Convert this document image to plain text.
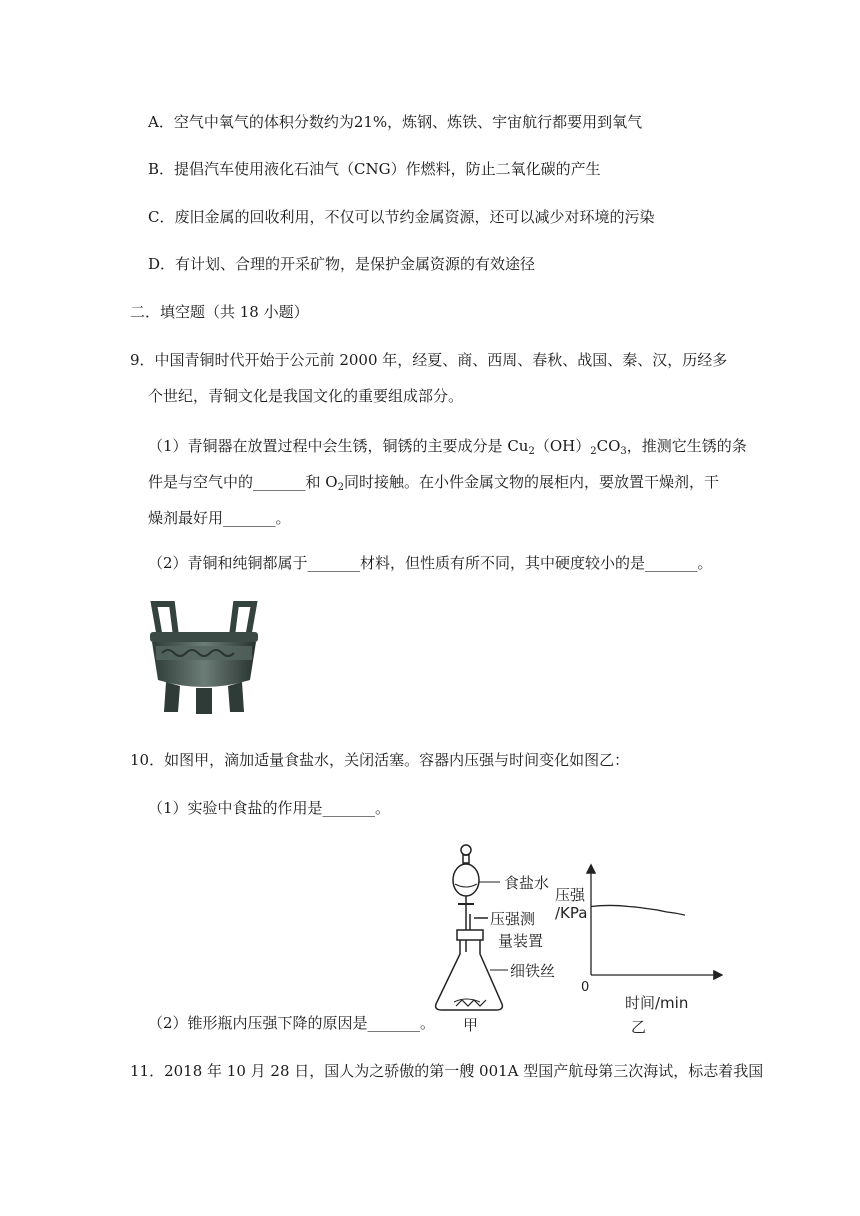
A．空气中氧气的体积分数约为21%，炼钢、炼铁、宇宙航行都要用到氧气
B．提倡汽车使用液化石油气（CNG）作燃料，防止二氧化碳的产生
C．废旧金属的回收利用，不仅可以节约金属资源，还可以减少对环境的污染
D．有计划、合理的开采矿物，是保护金属资源的有效途径
二．填空题（共 18 小题）
9．中国青铜时代开始于公元前 2000 年，经夏、商、西周、春秋、战国、秦、汉，历经多
个世纪，青铜文化是我国文化的重要组成部分。
（1）青铜器在放置过程中会生锈，铜锈的主要成分是 $Cu_2(OH)_2CO_3$，推测它生锈的条
件是与空气中的_______和 $O_2$同时接触。在小件金属文物的展柜内，要放置干燥剂，干
燥剂最好用_______。
（2）青铜和纯铜都属于_______材料，但性质有所不同，其中硬度较小的是_______。
10．如图甲，滴加适量食盐水，关闭活塞。容器内压强与时间变化如图乙：
（1）实验中食盐的作用是_______。
（2）锥形瓶内压强下降的原因是_______。
食盐水
压强测
量装置
细铁丝
甲
压强
/KPa
0
时间/min
乙
11．2018 年 10 月 28 日，国人为之骄傲的第一艘 001A 型国产航母第三次海试，标志着我国
